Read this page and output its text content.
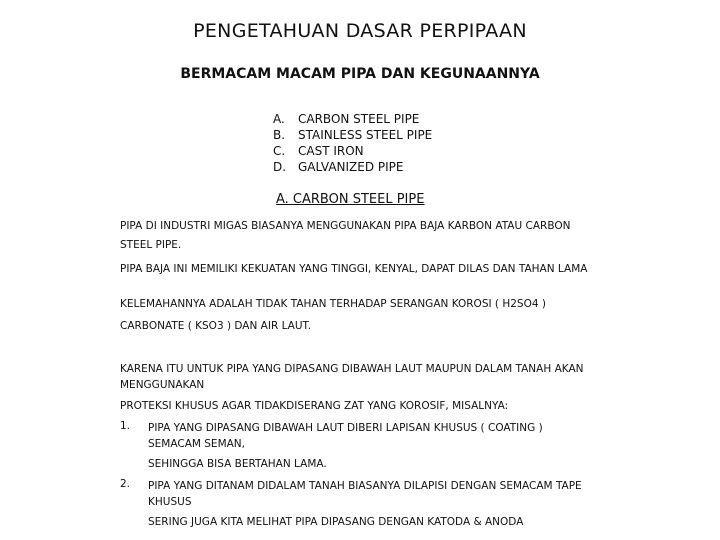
PENGETAHUAN DASAR PERPIPAAN
BERMACAM MACAM PIPA DAN KEGUNAANNYA
A. CARBON STEEL PIPE
B. STAINLESS STEEL PIPE
C. CAST IRON
D. GALVANIZED PIPE
A. CARBON STEEL PIPE
PIPA DI INDUSTRI MIGAS BIASANYA MENGGUNAKAN PIPA BAJA KARBON ATAU CARBON
STEEL PIPE.
PIPA BAJA INI MEMILIKI KEKUATAN YANG TINGGI, KENYAL, DAPAT DILAS DAN TAHAN LAMA
KELEMAHANNYA ADALAH TIDAK TAHAN TERHADAP SERANGAN KOROSI ( H2SO4 )
CARBONATE ( KSO3 ) DAN AIR LAUT.
KARENA ITU UNTUK PIPA YANG DIPASANG DIBAWAH LAUT MAUPUN DALAM TANAH AKAN MENGGUNAKAN
PROTEKSI KHUSUS AGAR TIDAKDISERANG ZAT YANG KOROSIF, MISALNYA:
1. PIPA YANG DIPASANG DIBAWAH LAUT DIBERI LAPISAN KHUSUS ( COATING ) SEMACAM SEMAN,
SEHINGGA BISA BERTAHAN LAMA.
2. PIPA YANG DITANAM DIDALAM TANAH BIASANYA DILAPISI DENGAN SEMACAM TAPE KHUSUS
SERING JUGA KITA MELIHAT PIPA DIPASANG DENGAN KATODA & ANODA
